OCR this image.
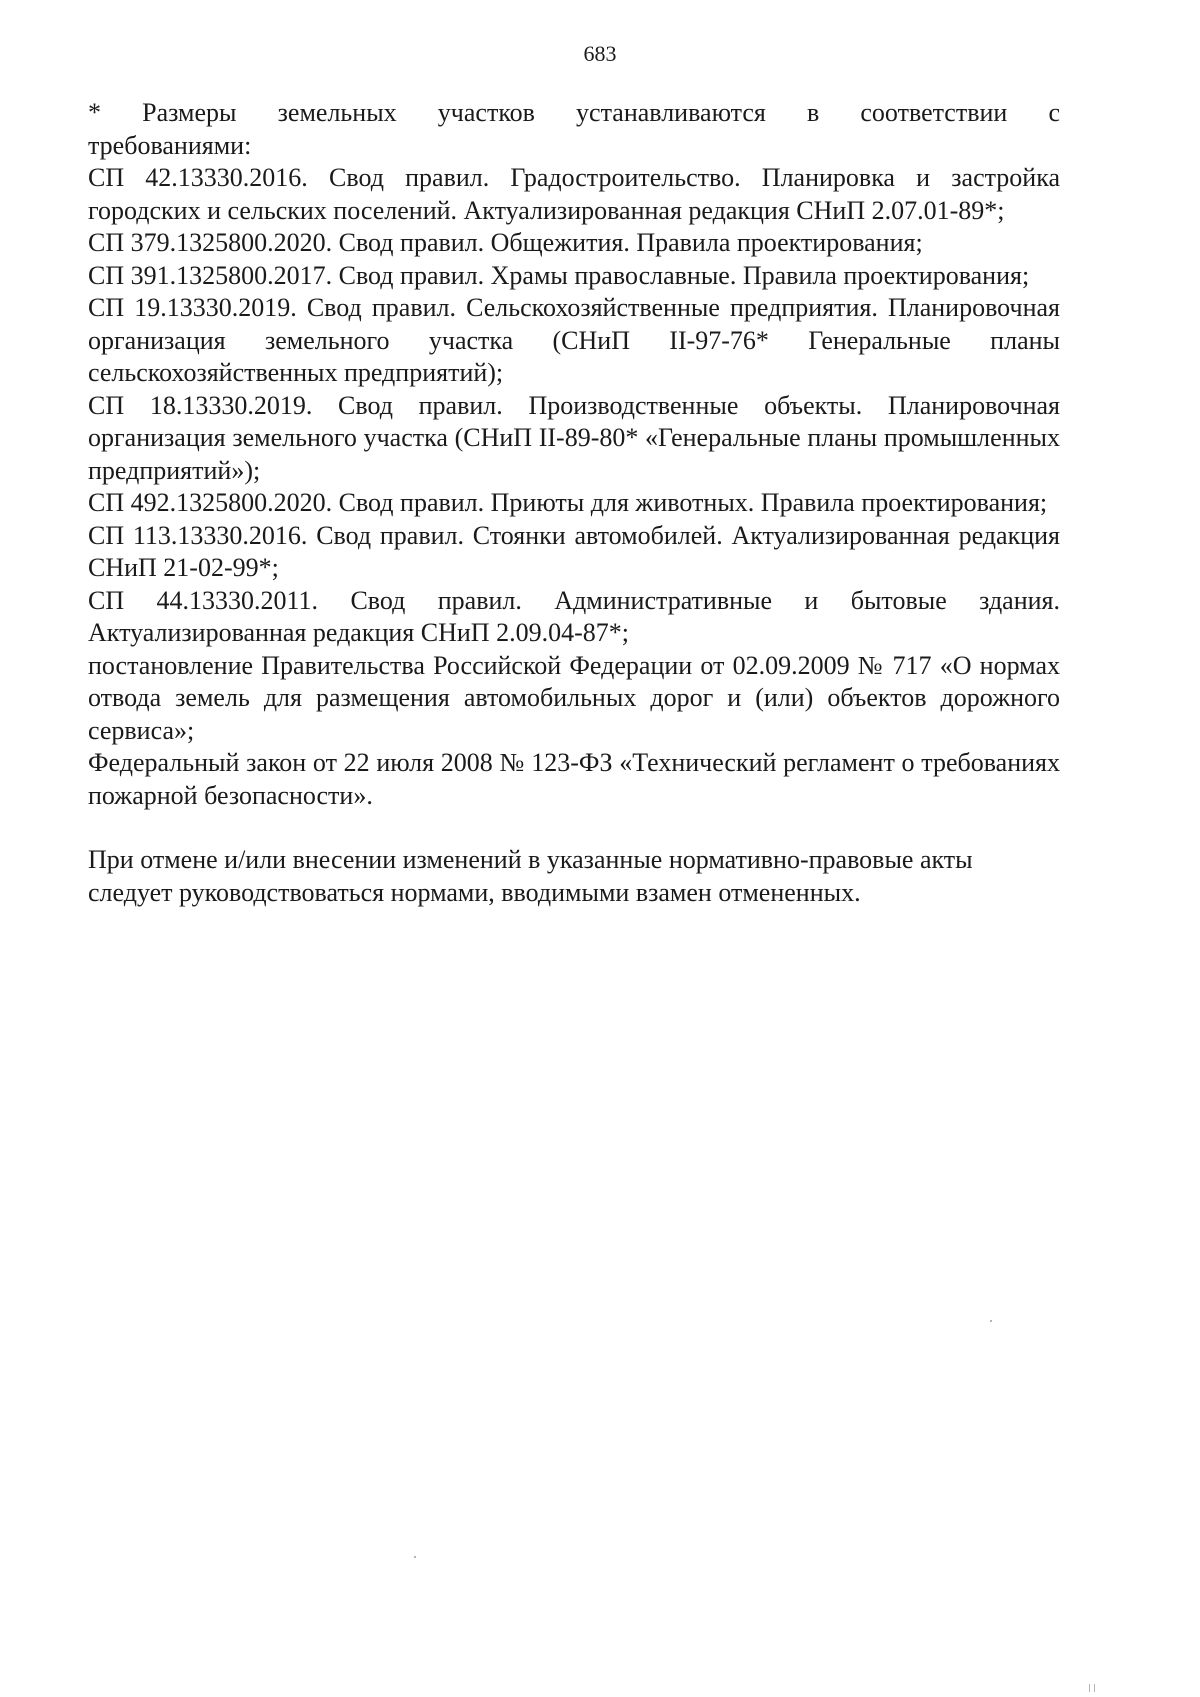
683

* Размеры земельных участков устанавливаются в соответствии с

требованиями:

СП 42.13330.2016. Свод правил. Градостроительство. Планировка и застройка городских и сельских поселений. Актуализированная редакция СНиП 2.07.01-89*;

СП 379.1325800.2020. Свод правил. Общежития. Правила проектирования;

СП 391.1325800.2017. Свод правил. Храмы православные. Правила проектирования;

СП 19.13330.2019. Свод правил. Сельскохозяйственные предприятия. Планировочная организация земельного участка (СНиП II-97-76* Генеральные планы сельскохозяйственных предприятий);

СП 18.13330.2019. Свод правил. Производственные объекты. Планировочная организация земельного участка (СНиП II-89-80* «Генеральные планы промышленных предприятий»);

СП 492.1325800.2020. Свод правил. Приюты для животных. Правила проектирования;

СП 113.13330.2016. Свод правил. Стоянки автомобилей. Актуализированная редакция СНиП 21-02-99*;

СП 44.13330.2011. Свод правил. Административные и бытовые здания. Актуализированная редакция СНиП 2.09.04-87*;

постановление Правительства Российской Федерации от 02.09.2009 № 717 «О нормах отвода земель для размещения автомобильных дорог и (или) объектов дорожного сервиса»;

Федеральный закон от 22 июля 2008 № 123-ФЗ «Технический регламент о требованиях пожарной безопасности».

При отмене и/или внесении изменений в указанные нормативно-правовые акты следует руководствоваться нормами, вводимыми взамен отмененных.
